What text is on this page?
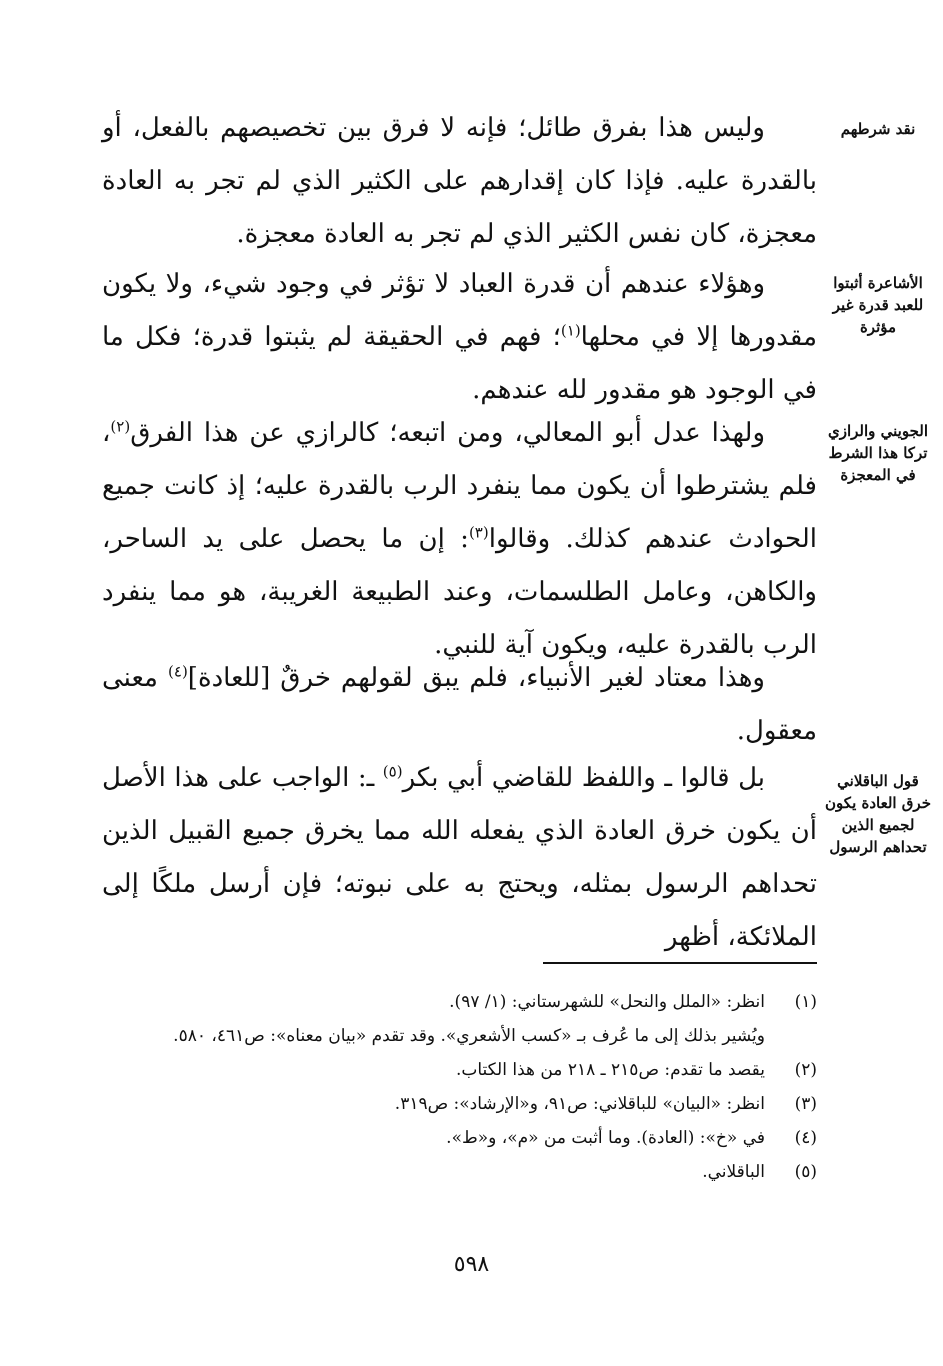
نقد شرطهم
الأشاعرة أثبتوا للعبد قدرة غير مؤثرة
الجويني والرازي تركا هذا الشرط في المعجزة
قول الباقلاني خرق العادة يكون لجميع الذين تحداهم الرسول
وليس هذا بفرق طائل؛ فإنه لا فرق بين تخصيصهم بالفعل، أو بالقدرة عليه. فإذا كان إقدارهم على الكثير الذي لم تجر به العادة معجزة، كان نفس الكثير الذي لم تجر به العادة معجزة.
وهؤلاء عندهم أن قدرة العباد لا تؤثر في وجود شيء، ولا يكون مقدورها إلا في محلها$^{(١)}$؛ فهم في الحقيقة لم يثبتوا قدرة؛ فكل ما في الوجود هو مقدور لله عندهم.
ولهذا عدل أبو المعالي، ومن اتبعه؛ كالرازي عن هذا الفرق$^{(٢)}$، فلم يشترطوا أن يكون مما ينفرد الرب بالقدرة عليه؛ إذ كانت جميع الحوادث عندهم كذلك. وقالوا$^{(٣)}$: إن ما يحصل على يد الساحر، والكاهن، وعامل الطلسمات، وعند الطبيعة الغريبة، هو مما ينفرد الرب بالقدرة عليه، ويكون آية للنبي.
وهذا معتاد لغير الأنبياء، فلم يبق لقولهم خرقٌ [للعادة]$^{(٤)}$ معنى معقول.
بل قالوا ـ واللفظ للقاضي أبي بكر$^{(٥)}$ ـ: الواجب على هذا الأصل أن يكون خرق العادة الذي يفعله الله مما يخرق جميع القبيل الذين تحداهم الرسول بمثله، ويحتج به على نبوته؛ فإن أرسل ملكًا إلى الملائكة، أظهر
(١)
انظر: «الملل والنحل» للشهرستاني: (١/ ٩٧).
ويُشير بذلك إلى ما عُرف بـ «كسب الأشعري». وقد تقدم «بيان معناه»: ص٤٦١، ٥٨٠.
(٢)
يقصد ما تقدم: ص٢١٥ ـ ٢١٨ من هذا الكتاب.
(٣)
انظر: «البيان» للباقلاني: ص٩١، و«الإرشاد»: ص٣١٩.
(٤)
في «خ»: (العادة). وما أثبت من «م»، و«ط».
(٥)
الباقلاني.
٥٩٨
